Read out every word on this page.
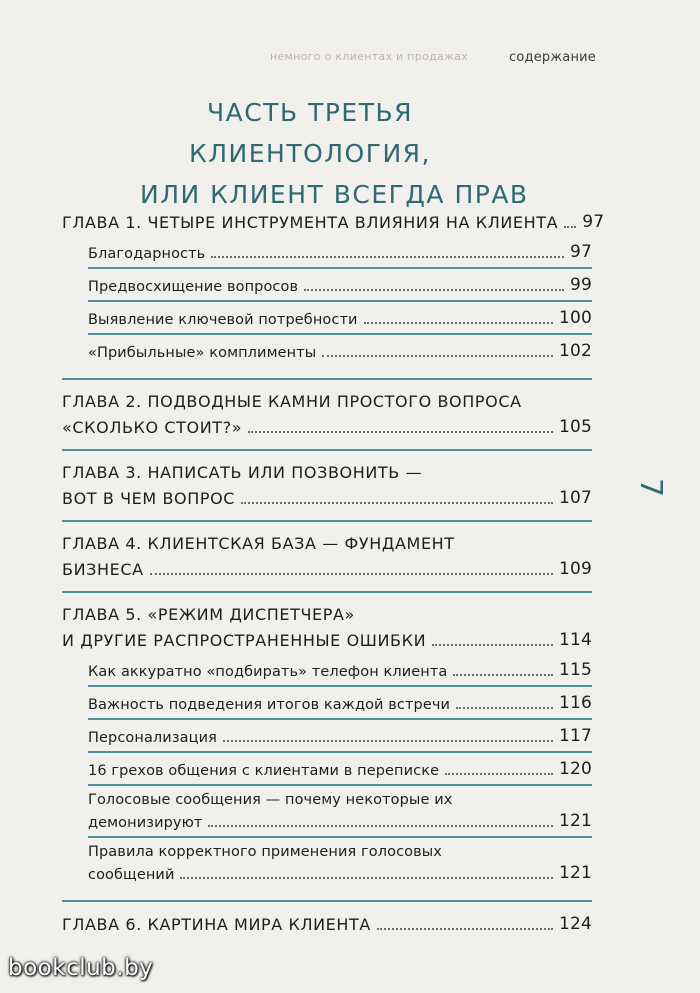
немного о клиентах и продажах	содержание
ЧАСТЬ ТРЕТЬЯ
КЛИЕНТОЛОГИЯ,
ИЛИ КЛИЕНТ ВСЕГДА ПРАВ
ГЛАВА 1. ЧЕТЫРЕ ИНСТРУМЕНТА ВЛИЯНИЯ НА КЛИЕНТА 97
Благодарность	97
Предвосхищение вопросов	99
Выявление ключевой потребности	100
«Прибыльные» комплименты	102
ГЛАВА 2. ПОДВОДНЫЕ КАМНИ ПРОСТОГО ВОПРОСА
«СКОЛЬКО СТОИТ?»	105
ГЛАВА 3. НАПИСАТЬ ИЛИ ПОЗВОНИТЬ —
ВОТ В ЧЕМ ВОПРОС	107
ГЛАВА 4. КЛИЕНТСКАЯ БАЗА — ФУНДАМЕНТ
БИЗНЕСА	109
ГЛАВА 5. «РЕЖИМ ДИСПЕТЧЕРА»
И ДРУГИЕ РАСПРОСТРАНЕННЫЕ ОШИБКИ	114
Как аккуратно «подбирать» телефон клиента	115
Важность подведения итогов каждой встречи	116
Персонализация	117
16 грехов общения с клиентами в переписке	120
Голосовые сообщения — почему некоторые их
демонизируют	121
Правила корректного применения голосовых
сообщений	121
ГЛАВА 6. КАРТИНА МИРА КЛИЕНТА	124
7
bookclub.by
